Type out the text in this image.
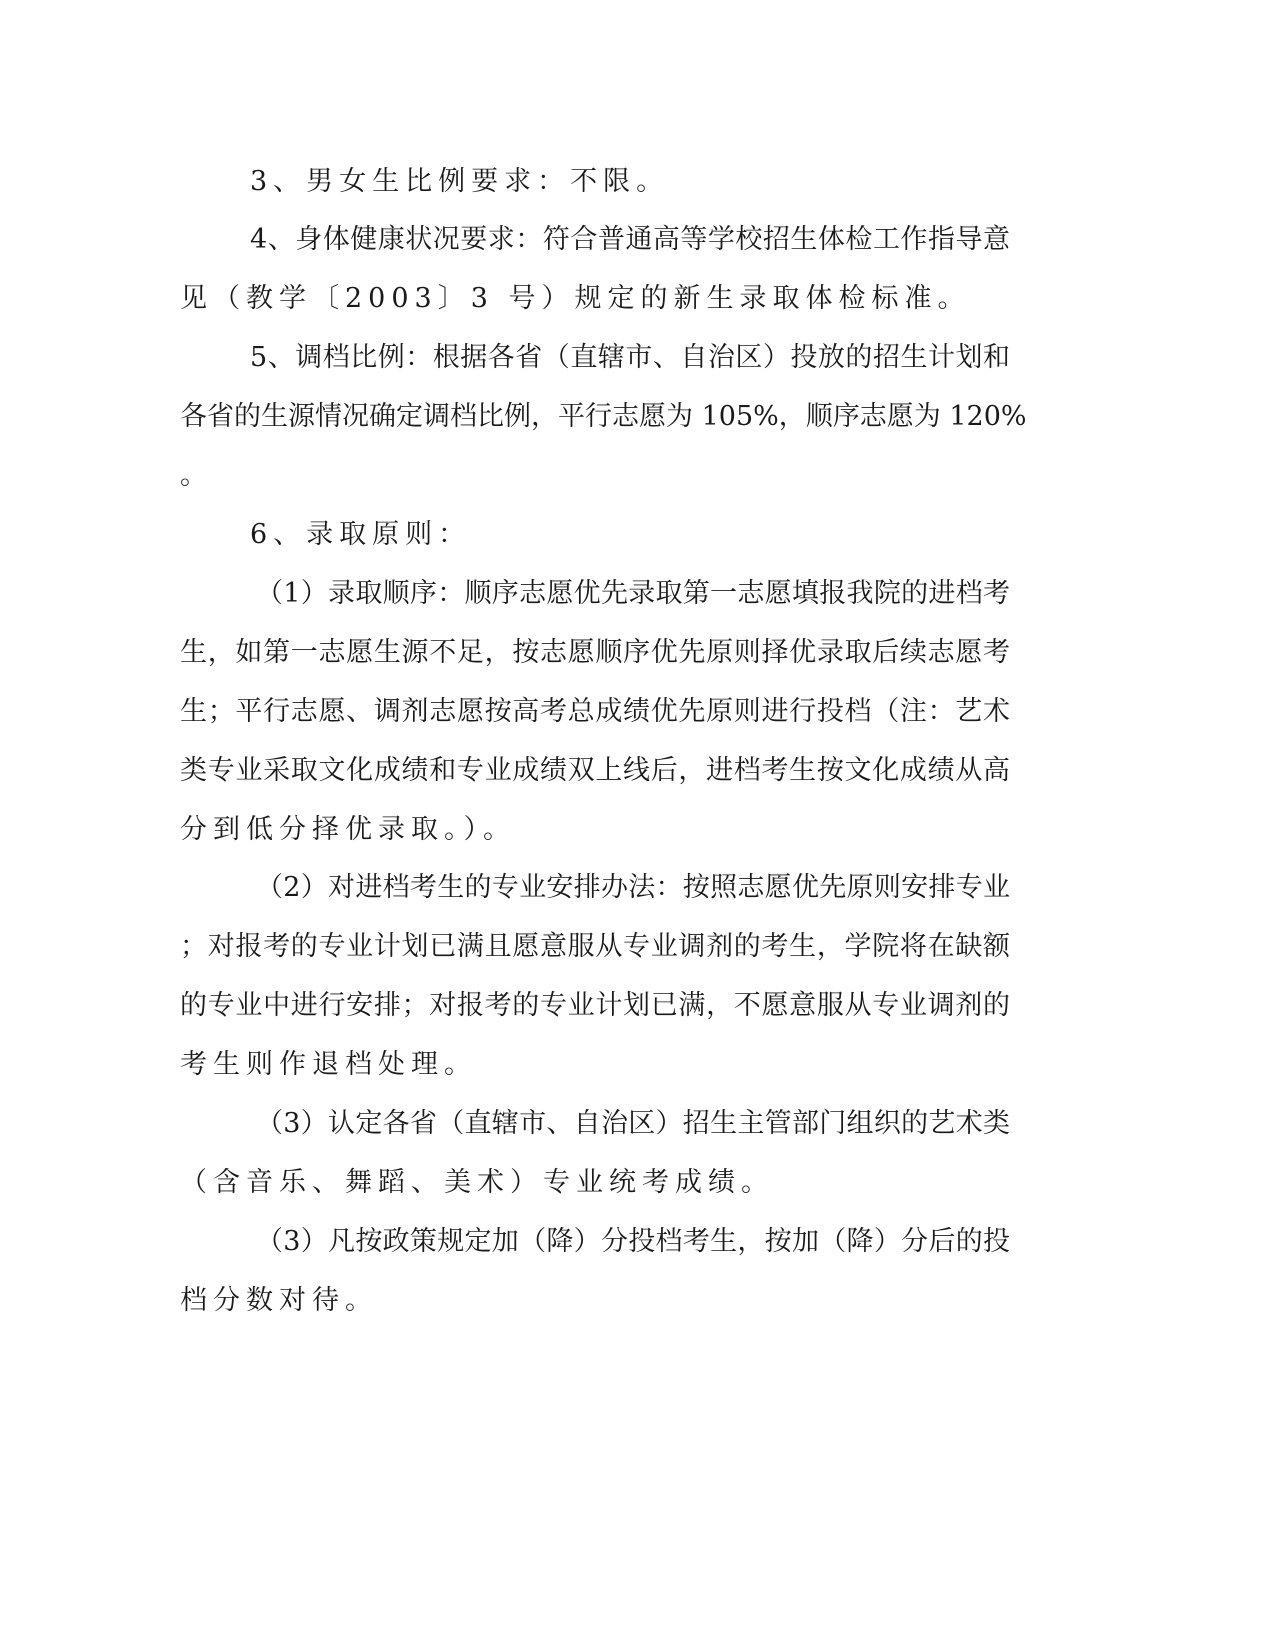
3、男女生比例要求：不限。
4、身体健康状况要求：符合普通高等学校招生体检工作指导意
见（教学〔2003〕3 号）规定的新生录取体检标准。
5、调档比例：根据各省（直辖市、自治区）投放的招生计划和
各省的生源情况确定调档比例，平行志愿为 105%，顺序志愿为 120%
。
6、录取原则：
（1）录取顺序：顺序志愿优先录取第一志愿填报我院的进档考
生，如第一志愿生源不足，按志愿顺序优先原则择优录取后续志愿考
生；平行志愿、调剂志愿按高考总成绩优先原则进行投档（注：艺术
类专业采取文化成绩和专业成绩双上线后，进档考生按文化成绩从高
分到低分择优录取。）。
（2）对进档考生的专业安排办法：按照志愿优先原则安排专业
；对报考的专业计划已满且愿意服从专业调剂的考生，学院将在缺额
的专业中进行安排；对报考的专业计划已满，不愿意服从专业调剂的
考生则作退档处理。
（3）认定各省（直辖市、自治区）招生主管部门组织的艺术类
（含音乐、舞蹈、美术）专业统考成绩。
（3）凡按政策规定加（降）分投档考生，按加（降）分后的投
档分数对待。
